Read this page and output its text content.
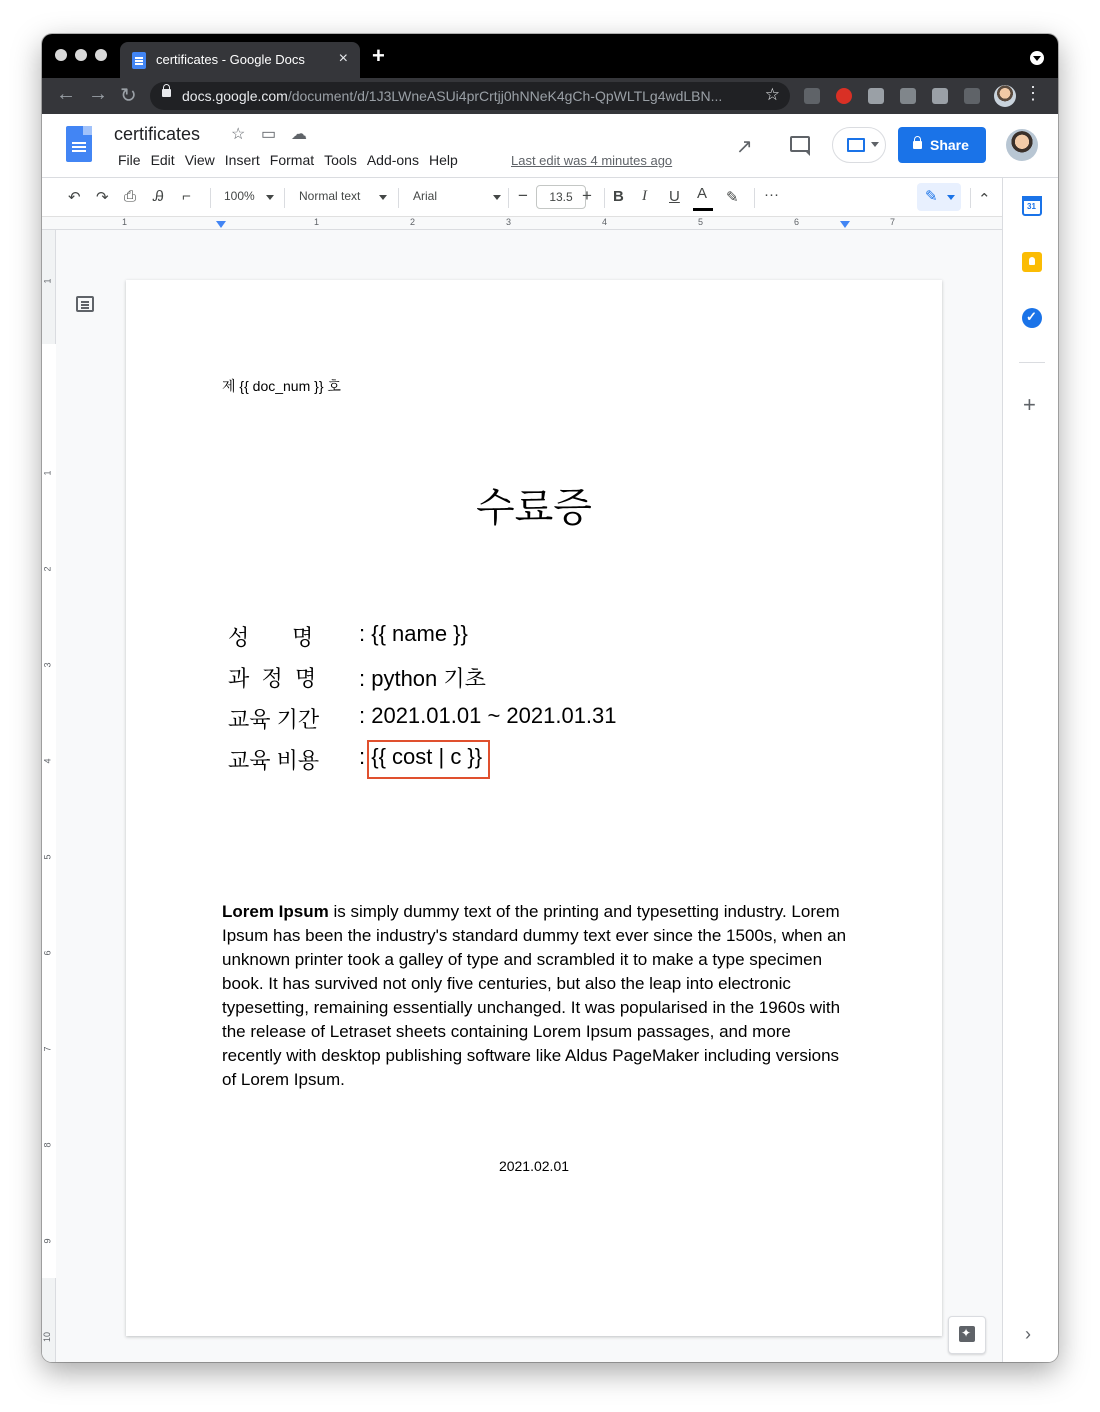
certificates - Google Docs × +
← → ↻	docs.google.com/document/d/1J3LWneASUi4prCrtjj0hNNeK4gCh-QpWLTLg4wdLBN... ☆	⋮
certificates ☆ ▭ ☁
File Edit View Insert Format Tools Add-ons Help	Last edit was 4 minutes ago
↗	Share
↶ ↷ ⎙ Ꭿ ⌐	100%	Normal text	Arial	−	13.5 + B I U A ✎ ···	✎	⌃
1	1	2	3	4	5	6	7
1
1
2
3
4
5
6
7
8
9
10
제 {{ doc_num }} 호
수료증
성       명 : {{ name }}
과  정  명 : python 기초
교육 기간 : 2021.01.01 ~ 2021.01.31
교육 비용 : {{ cost | c }}
Lorem Ipsum is simply dummy text of the printing and typesetting industry. Lorem Ipsum has been the industry's standard dummy text ever since the 1500s, when an unknown printer took a galley of type and scrambled it to make a type specimen book. It has survived not only five centuries, but also the leap into electronic typesetting, remaining essentially unchanged. It was popularised in the 1960s with the release of Letraset sheets containing Lorem Ipsum passages, and more recently with desktop publishing software like Aldus PageMaker including versions of Lorem Ipsum.
2021.02.01
✦
31
✓
+
›
